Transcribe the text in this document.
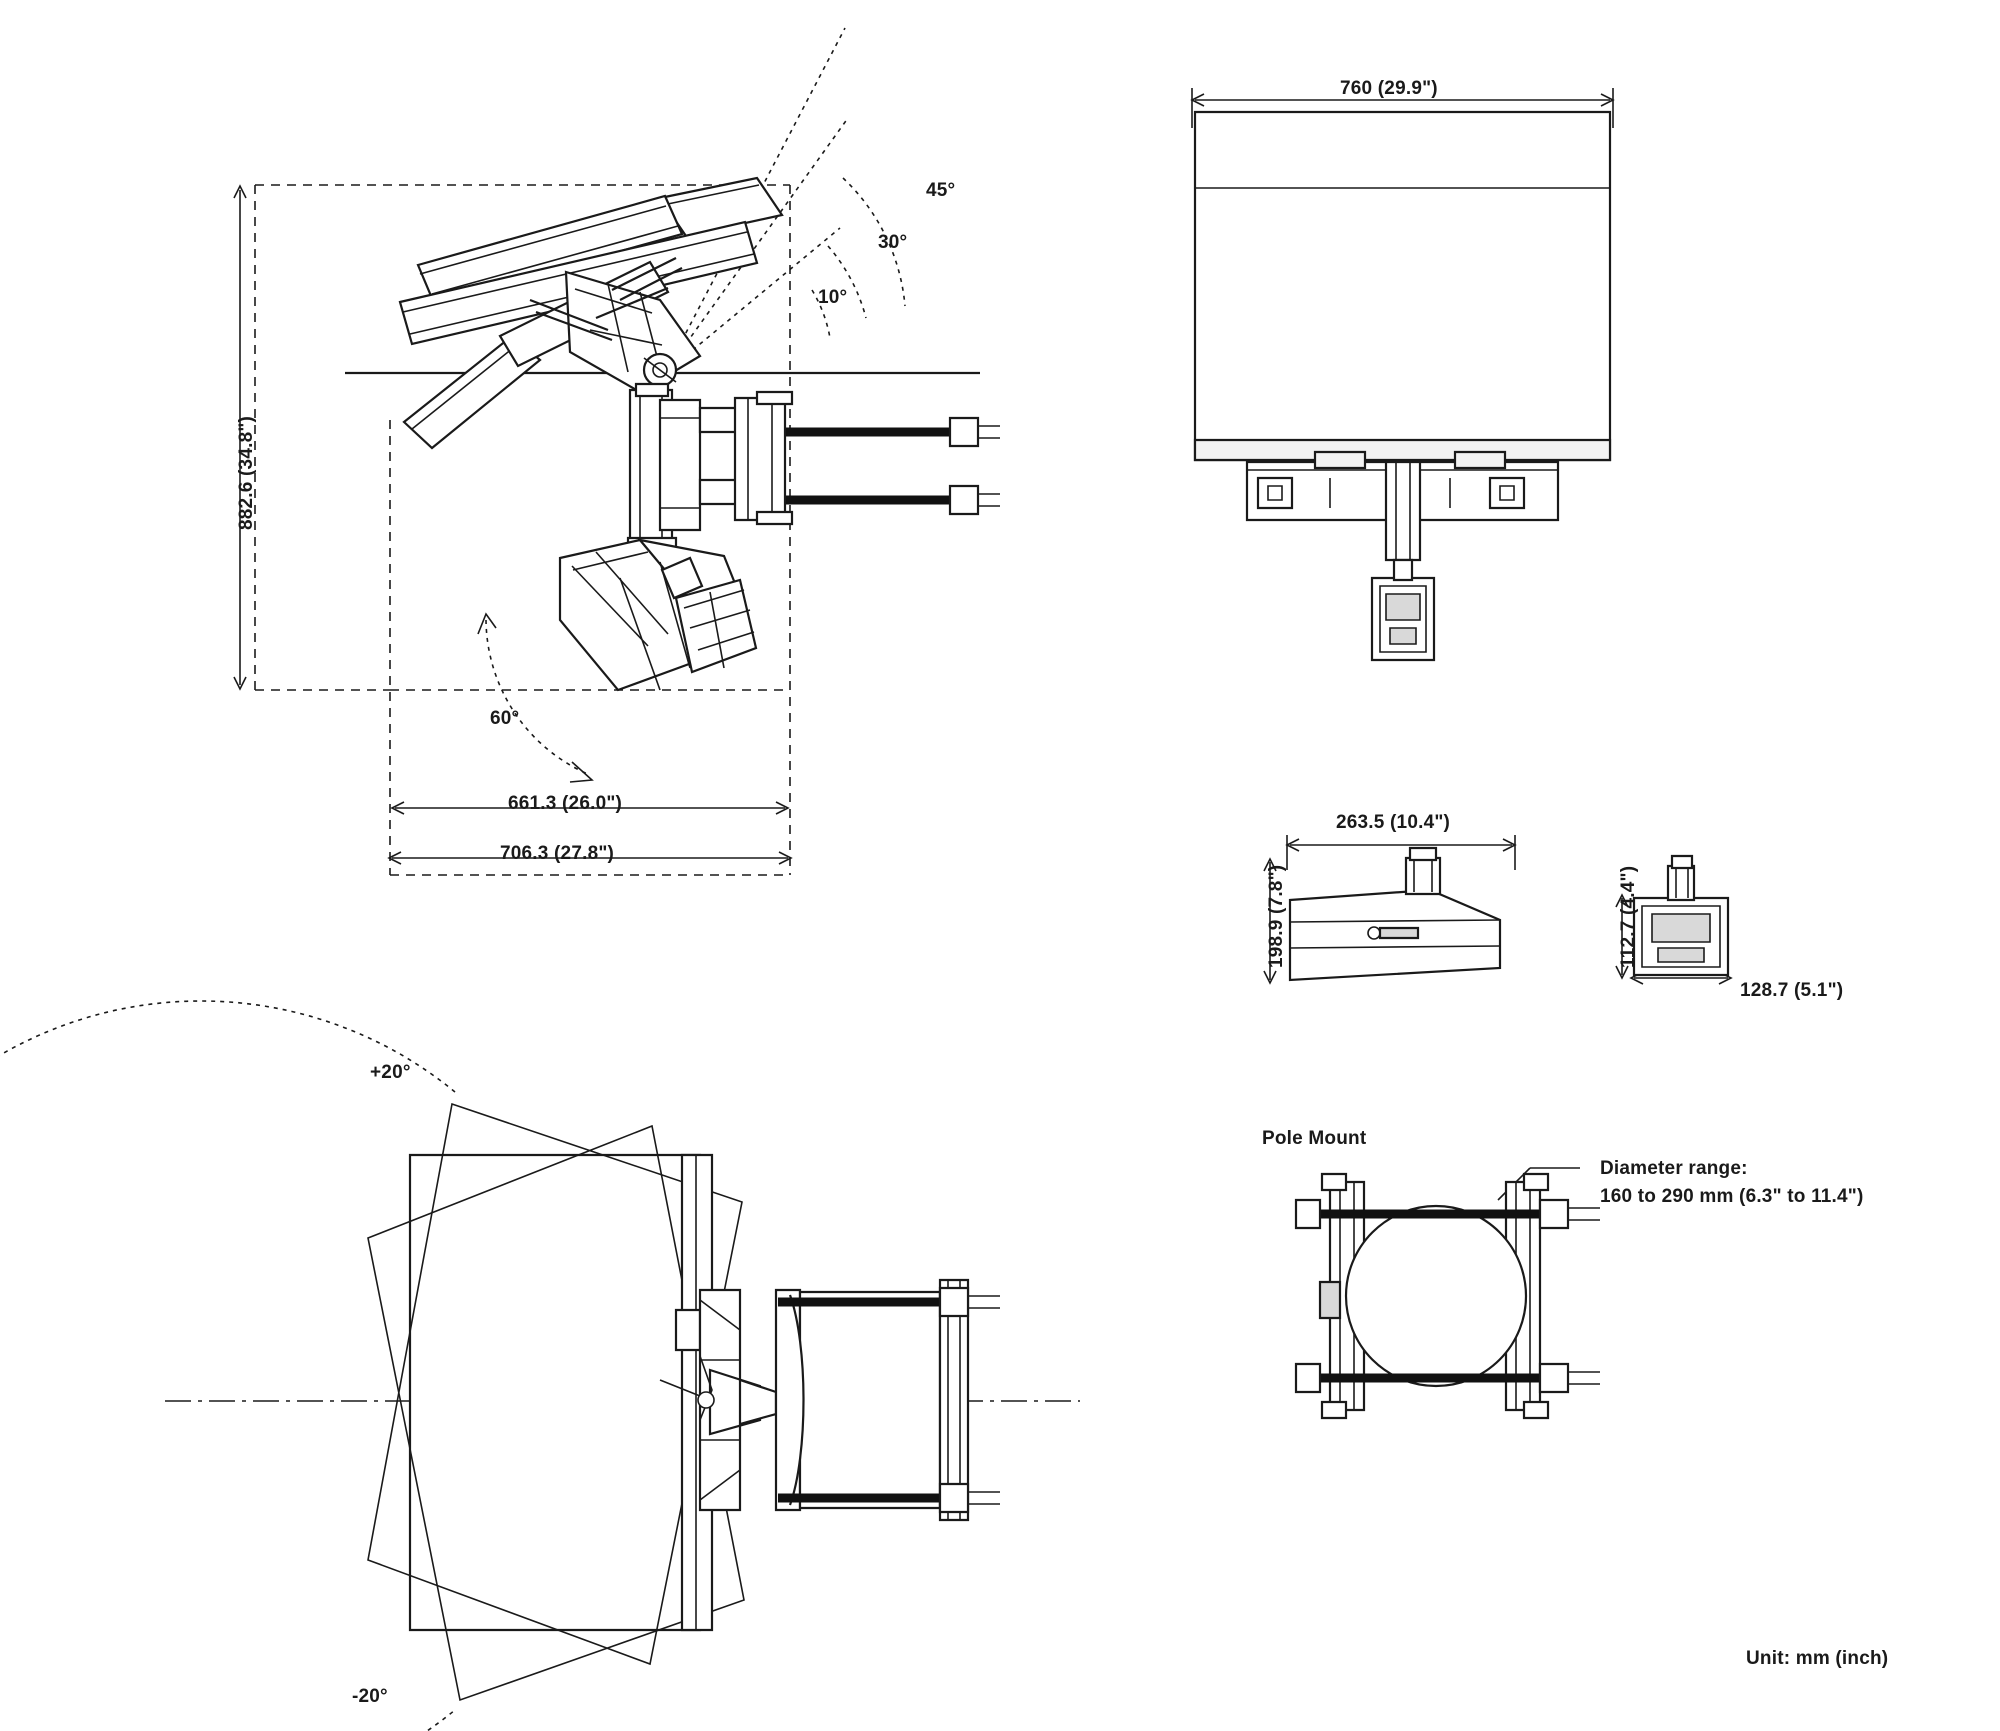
45°
30°
10°
60°
882.6 (34.8")
661.3 (26.0")
706.3 (27.8")
760 (29.9")
263.5 (10.4")
198.9 (7.8")	112.7 (4.4")
128.7 (5.1")
+20°
-20°
Pole Mount
Diameter range:
160 to 290 mm (6.3" to 11.4")
Unit: mm (inch)
